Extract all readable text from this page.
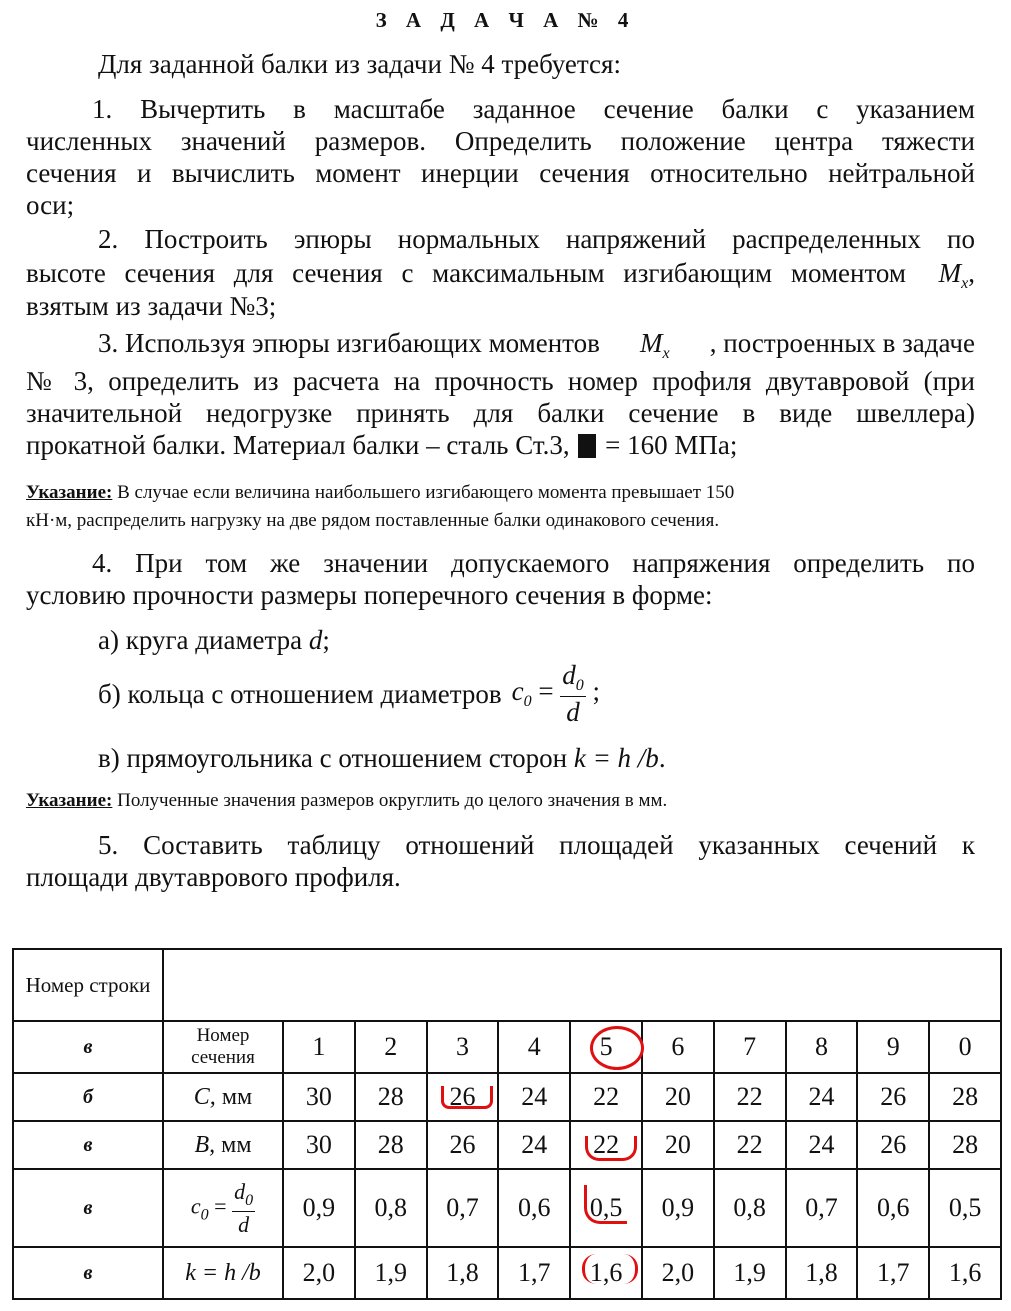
З А Д А Ч А № 4
Для заданной балки из задачи № 4 требуется:
1. Вычертить в масштабе заданное сечение балки с указанием
численных значений размеров. Определить положение центра тяжести
сечения и вычислить момент инерции сечения относительно нейтральной
оси;
2. Построить эпюры нормальных напряжений распределенных по
высоте сечения для сечения с максимальным изгибающим моментом $M_x$,
взятым из задачи №3;
3. Используя эпюры изгибающих моментов $M_x$ , построенных в задаче
№ 3, определить из расчета на прочность номер профиля двутавровой (при
значительной недогрузке принять для балки сечение в виде швеллера)
прокатной балки. Материал балки – сталь Ст.3, = 160 МПа;
Указание: В случае если величина наибольшего изгибающего момента превышает 150
кН·м, распределить нагрузку на две рядом поставленные балки одинакового сечения.
4. При том же значении допускаемого напряжения определить по
условию прочности размеры поперечного сечения в форме:
а) круга диаметра d;
б) кольца с отношением диаметров $c_0 = \frac{d_0}{d}$ ;
в) прямоугольника с отношением сторон k = h /b.
Указание: Полученные значения размеров округлить до целого значения в мм.
5. Составить таблицу отношений площадей указанных сечений к
площади двутаврового профиля.
Номер строки											
в	Номер сечения	1	2	3	4	5	6	7	8	9	0
б	С, мм	30	28	26	24	22	20	22	24	26	28
в	В, мм	30	28	26	24	22	20	22	24	26	28
в	$c_0 = \frac{d_0}{d}$	0,9	0,8	0,7	0,6	0,5	0,9	0,8	0,7	0,6	0,5
в	k = h /b	2,0	1,9	1,8	1,7	1,6	2,0	1,9	1,8	1,7	1,6
